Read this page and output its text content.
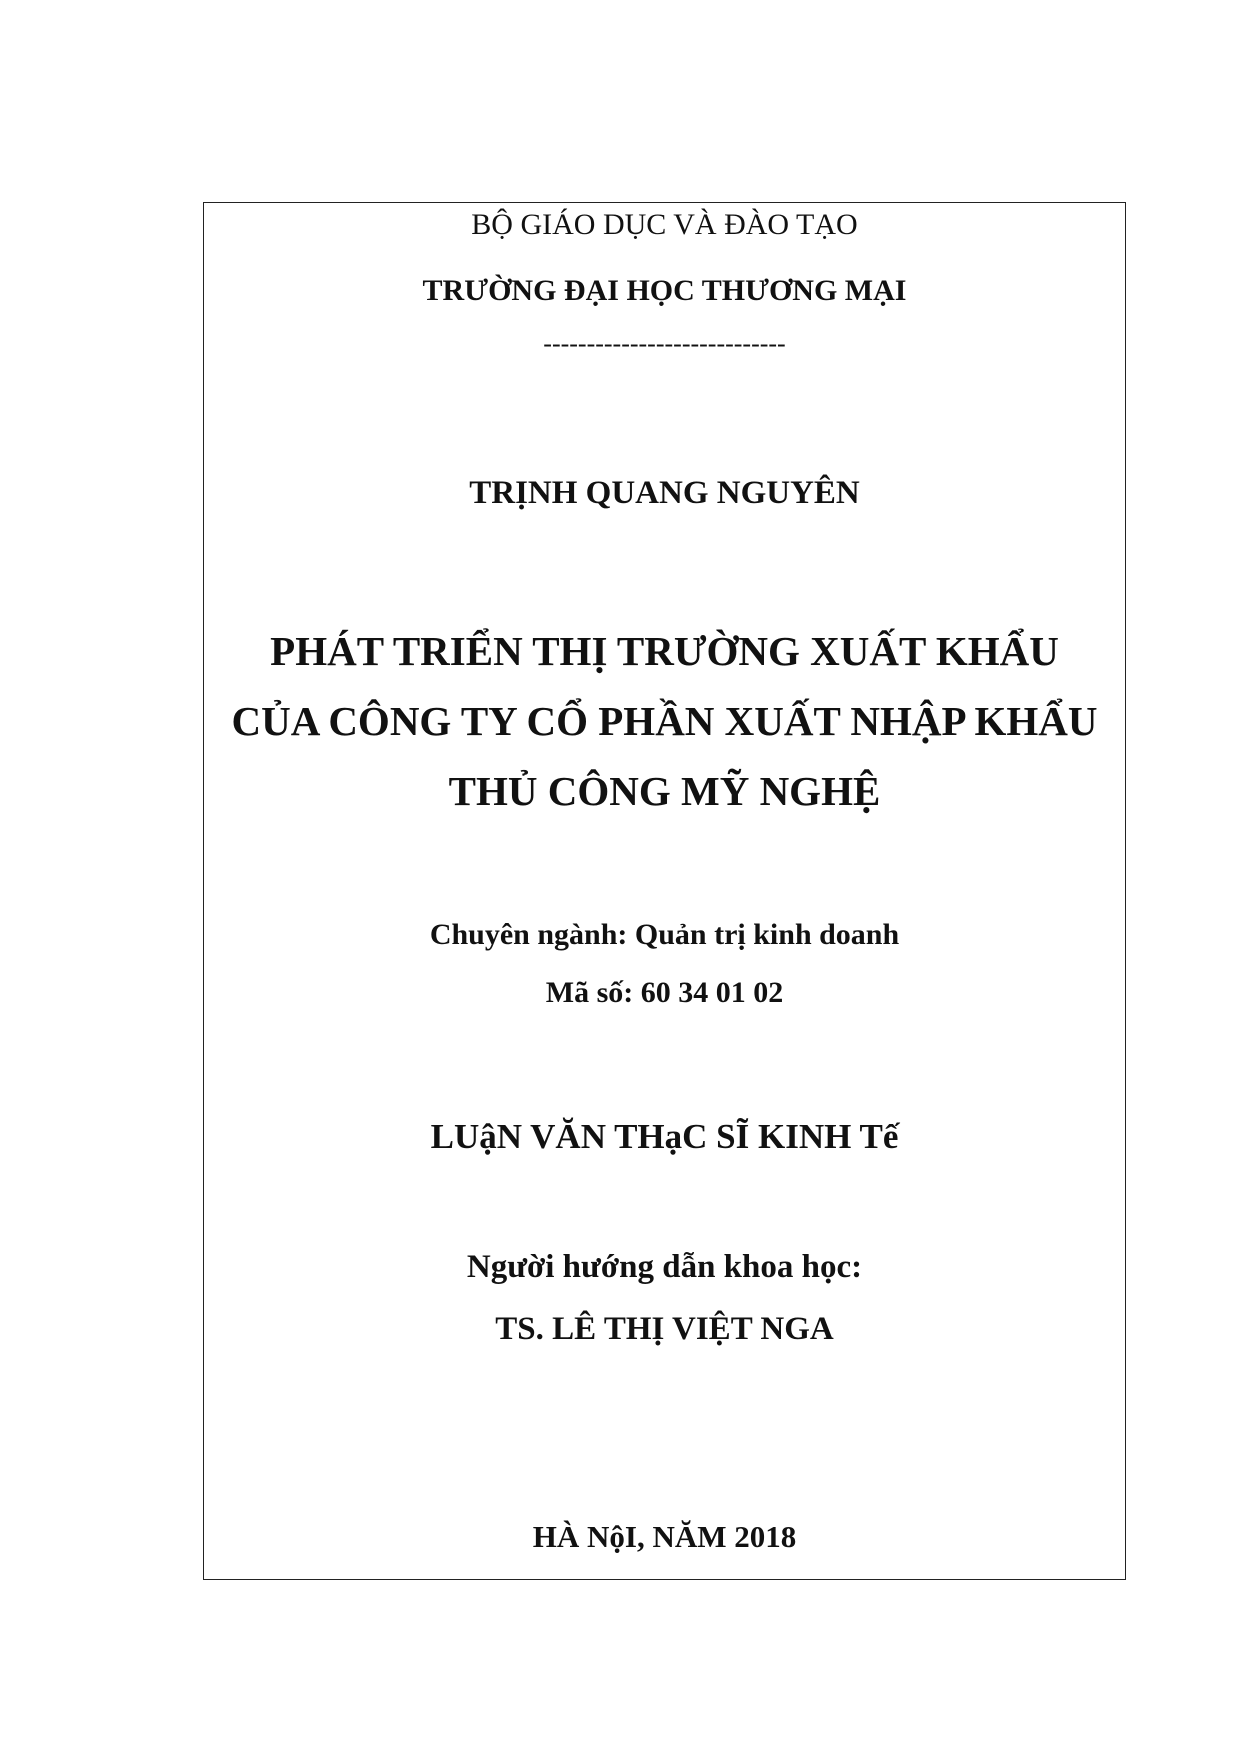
BỘ GIÁO DỤC VÀ ĐÀO TẠO
TRƯỜNG ĐẠI HỌC THƯƠNG MẠI
----------------------------
TRỊNH QUANG NGUYÊN
PHÁT TRIỂN THỊ TRƯỜNG XUẤT KHẨU
CỦA CÔNG TY CỔ PHẦN XUẤT NHẬP KHẨU
THỦ CÔNG MỸ NGHỆ
Chuyên ngành: Quản trị kinh doanh
Mã số: 60 34 01 02
LUậN VĂN THạC SĨ KINH Tế
Người hướng dẫn khoa học:
TS. LÊ THỊ VIỆT NGA
HÀ NộI, NĂM 2018
